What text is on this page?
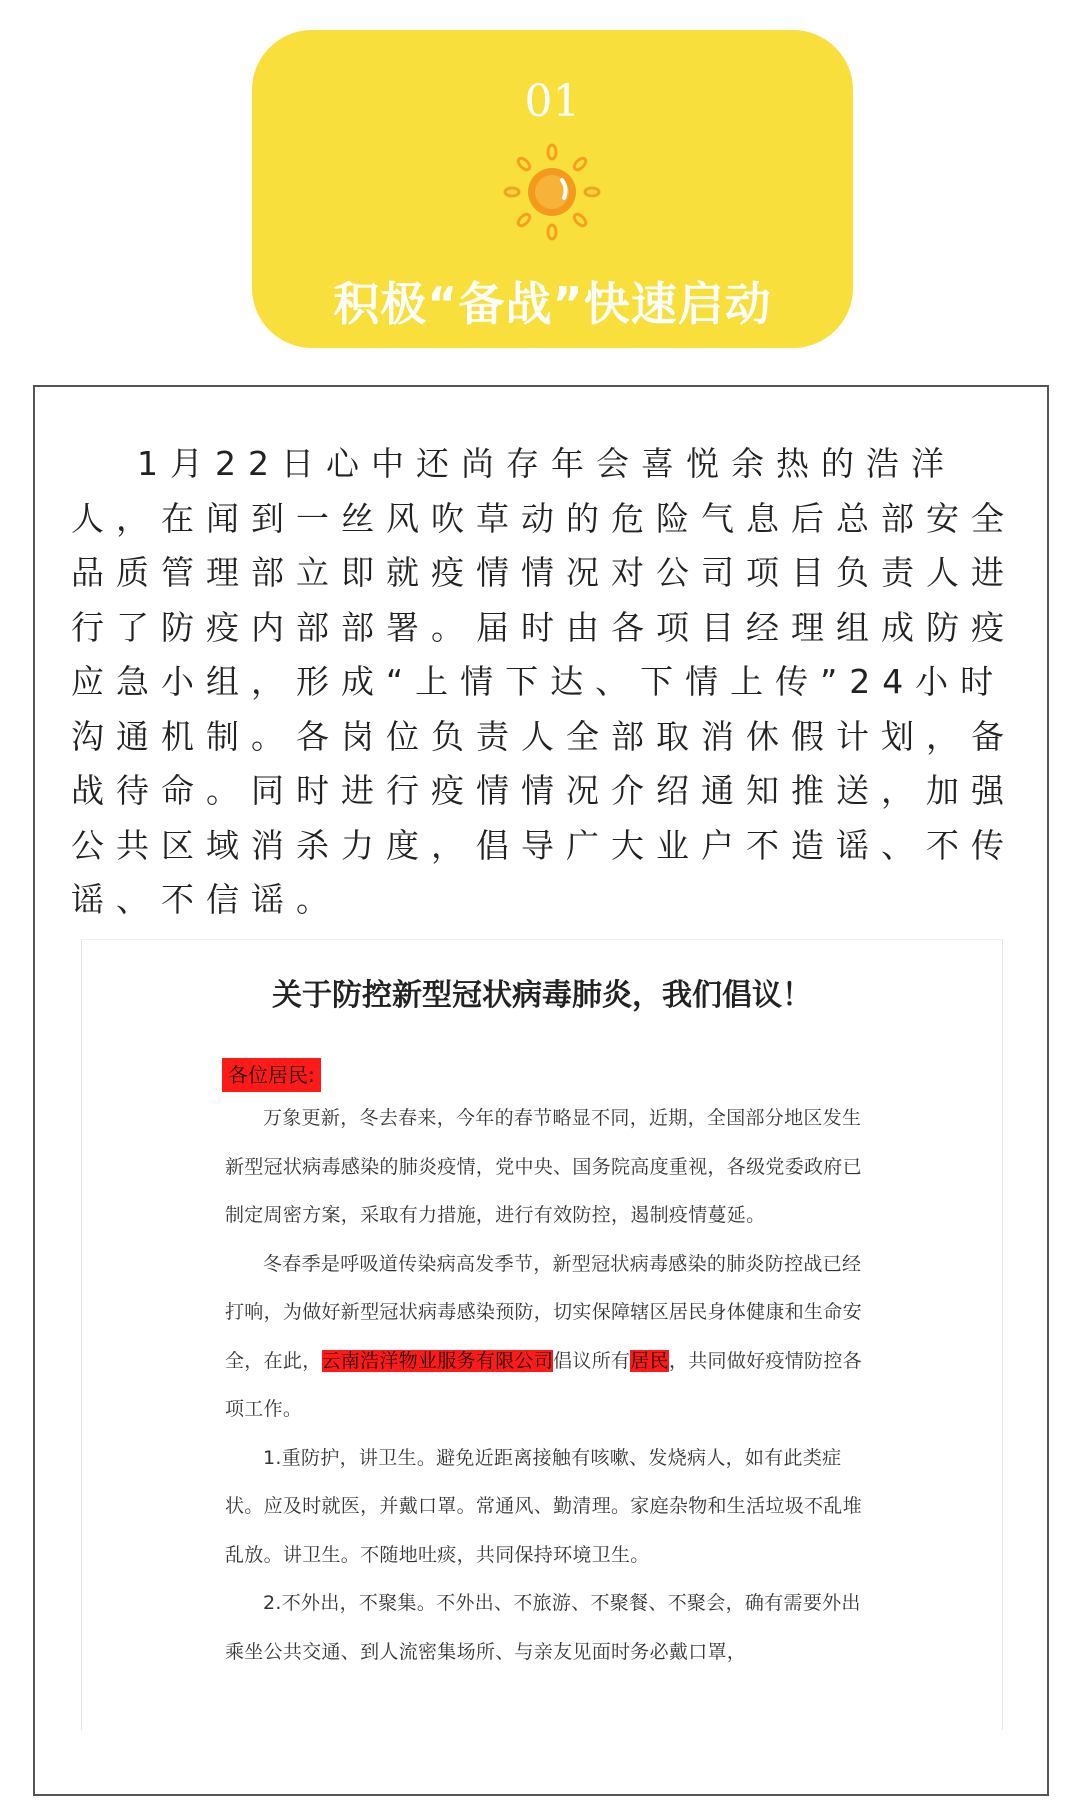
01
积极“备战”快速启动

1月22日心中还尚存年会喜悦余热的浩洋人，在闻到一丝风吹草动的危险气息后总部安全品质管理部立即就疫情情况对公司项目负责人进行了防疫内部部署。届时由各项目经理组成防疫应急小组，形成“上情下达、下情上传”24小时沟通机制。各岗位负责人全部取消休假计划，备战待命。同时进行疫情情况介绍通知推送，加强公共区域消杀力度，倡导广大业户不造谣、不传谣、不信谣。

关于防控新型冠状病毒肺炎，我们倡议！
各位居民:

万象更新，冬去春来，今年的春节略显不同，近期，全国部分地区发生新型冠状病毒感染的肺炎疫情，党中央、国务院高度重视，各级党委政府已制定周密方案，采取有力措施，进行有效防控，遏制疫情蔓延。

冬春季是呼吸道传染病高发季节，新型冠状病毒感染的肺炎防控战已经打响，为做好新型冠状病毒感染预防，切实保障辖区居民身体健康和生命安全，在此，云南浩洋物业服务有限公司倡议所有居民，共同做好疫情防控各项工作。

1.重防护，讲卫生。避免近距离接触有咳嗽、发烧病人，如有此类症状。应及时就医，并戴口罩。常通风、勤清理。家庭杂物和生活垃圾不乱堆乱放。讲卫生。不随地吐痰，共同保持环境卫生。

2.不外出，不聚集。不外出、不旅游、不聚餐、不聚会，确有需要外出乘坐公共交通、到人流密集场所、与亲友见面时务必戴口罩，
